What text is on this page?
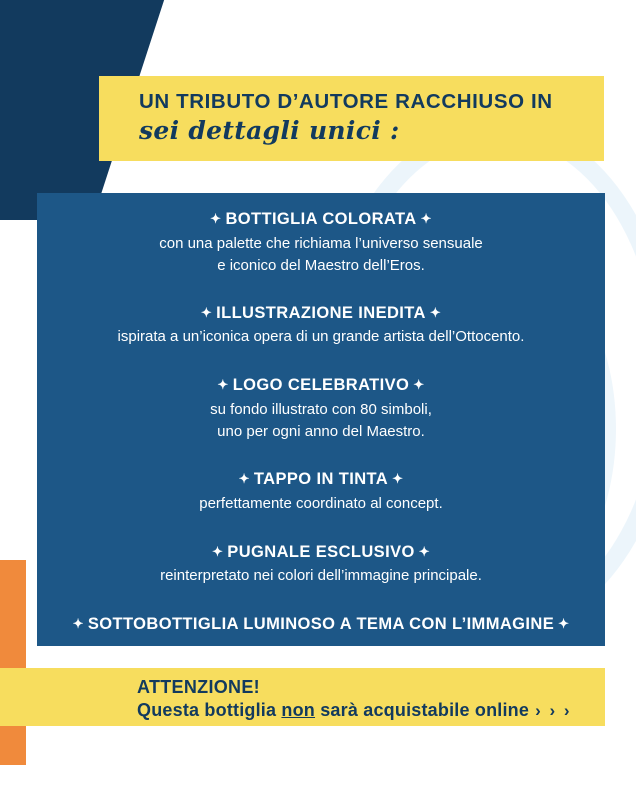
UN TRIBUTO D’AUTORE RACCHIUSO IN
sei dettagli unici :
✦ BOTTIGLIA COLORATA ✦
con una palette che richiama l’universo sensuale
e iconico del Maestro dell’Eros.
✦ ILLUSTRAZIONE INEDITA ✦
ispirata a un’iconica opera di un grande artista dell’Ottocento.
✦ LOGO CELEBRATIVO ✦
su fondo illustrato con 80 simboli,
uno per ogni anno del Maestro.
✦ TAPPO IN TINTA ✦
perfettamente coordinato al concept.
✦ PUGNALE ESCLUSIVO ✦
reinterpretato nei colori dell’immagine principale.
✦ SOTTOBOTTIGLIA LUMINOSO A TEMA CON L’IMMAGINE ✦
ATTENZIONE!
Questa bottiglia non sarà acquistabile online › › ›
